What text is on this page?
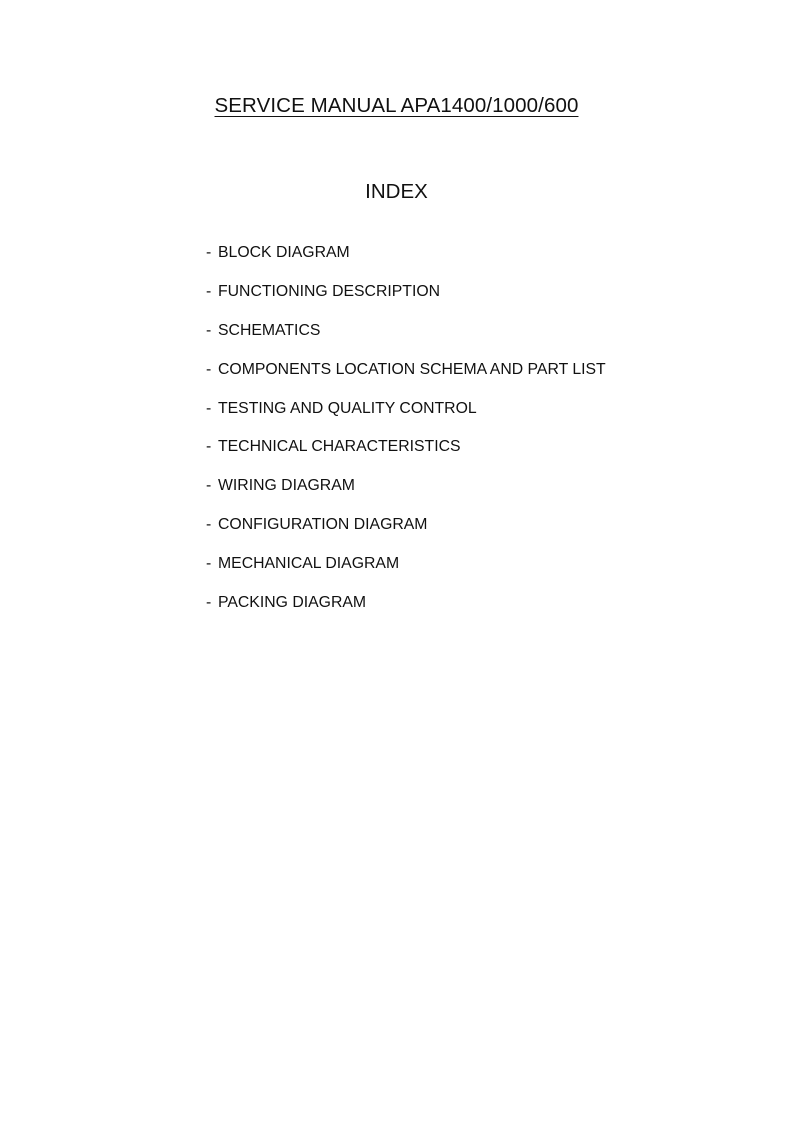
SERVICE MANUAL APA1400/1000/600
INDEX
- BLOCK DIAGRAM
- FUNCTIONING DESCRIPTION
- SCHEMATICS
- COMPONENTS LOCATION SCHEMA AND PART LIST
- TESTING AND QUALITY CONTROL
- TECHNICAL CHARACTERISTICS
- WIRING DIAGRAM
- CONFIGURATION DIAGRAM
- MECHANICAL DIAGRAM
- PACKING DIAGRAM
